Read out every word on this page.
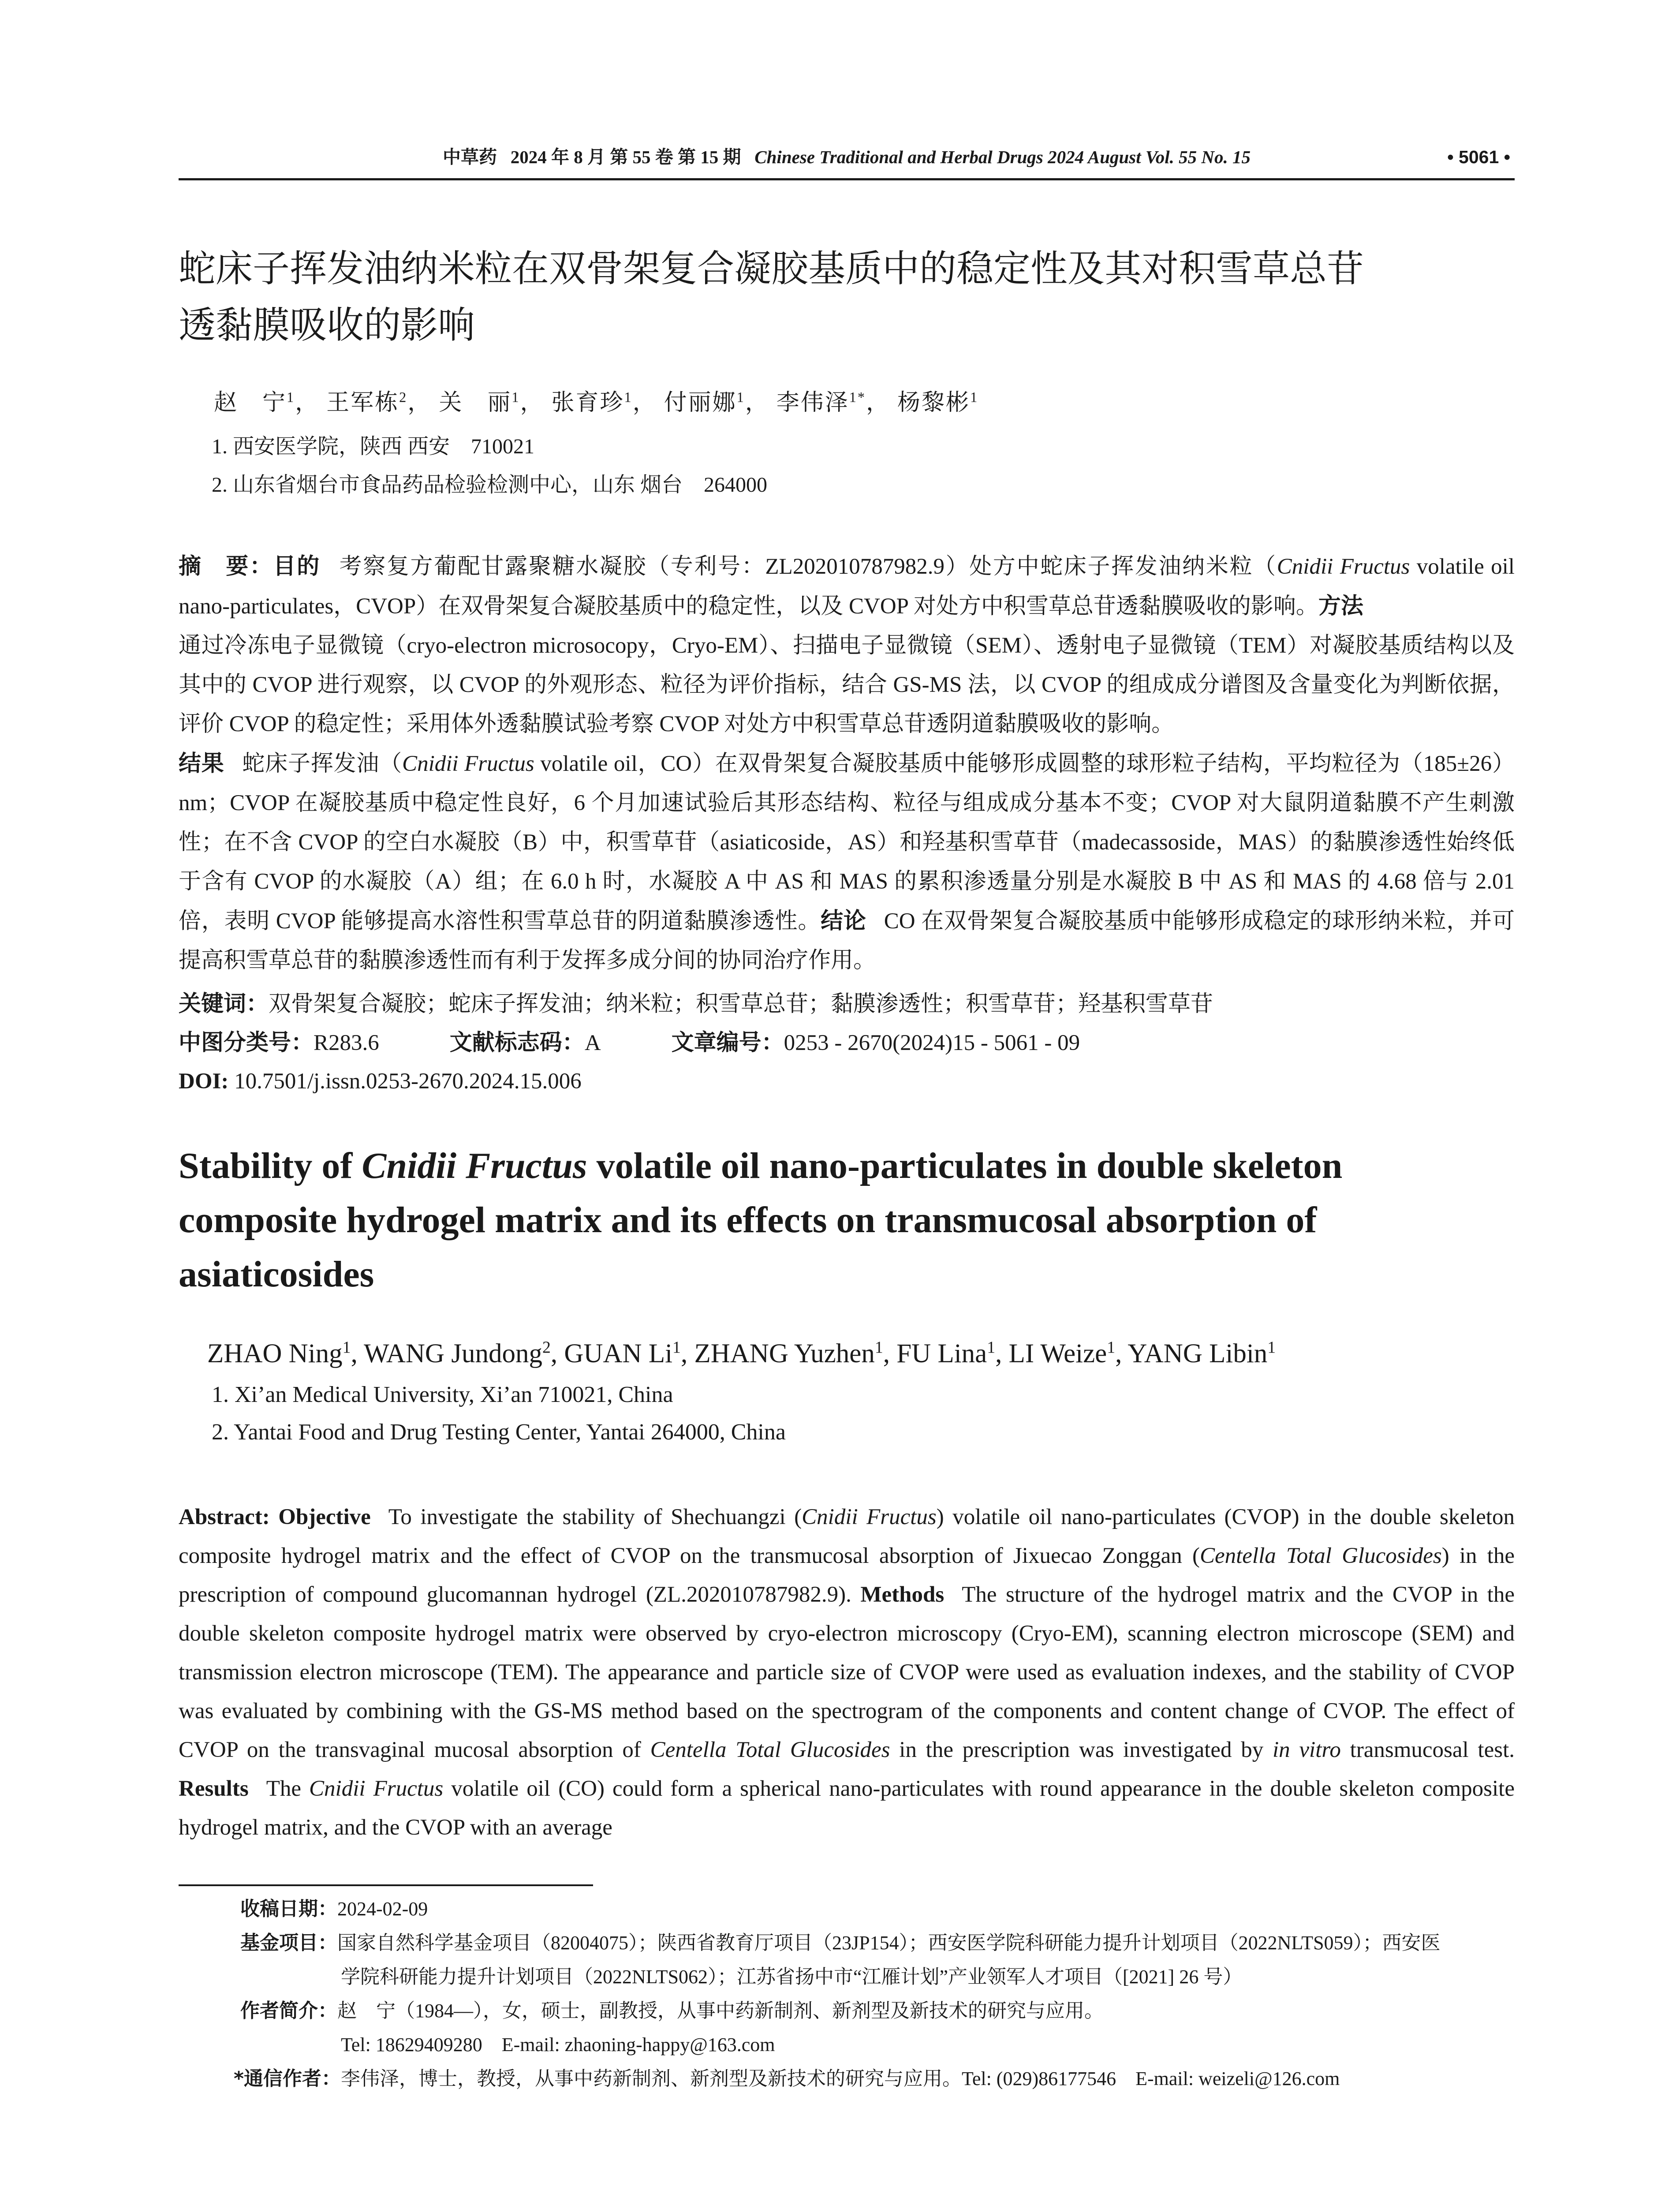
中草药 2024 年 8 月 第 55 卷 第 15 期 Chinese Traditional and Herbal Drugs 2024 August Vol. 55 No. 15	• 5061 •
蛇床子挥发油纳米粒在双骨架复合凝胶基质中的稳定性及其对积雪草总苷
透黏膜吸收的影响
赵　宁$^1$， 王军栋$^2$， 关　丽$^1$， 张育珍$^1$， 付丽娜$^1$， 李伟泽$^{1*}$， 杨黎彬$^1$
1. 西安医学院，陕西 西安　710021
2. 山东省烟台市食品药品检验检测中心，山东 烟台　264000
摘　要：目的 考察复方葡配甘露聚糖水凝胶（专利号：ZL202010787982.9）处方中蛇床子挥发油纳米粒（Cnidii Fructus volatile oil nano-particulates，CVOP）在双骨架复合凝胶基质中的稳定性，以及 CVOP 对处方中积雪草总苷透黏膜吸收的影响。方法
通过冷冻电子显微镜（cryo-electron microsocopy，Cryo-EM）、扫描电子显微镜（SEM）、透射电子显微镜（TEM）对凝胶基质结构以及其中的 CVOP 进行观察，以 CVOP 的外观形态、粒径为评价指标，结合 GS-MS 法，以 CVOP 的组成成分谱图及含量变化为判断依据，评价 CVOP 的稳定性；采用体外透黏膜试验考察 CVOP 对处方中积雪草总苷透阴道黏膜吸收的影响。
结果 蛇床子挥发油（Cnidii Fructus volatile oil，CO）在双骨架复合凝胶基质中能够形成圆整的球形粒子结构，平均粒径为（185±26）nm；CVOP 在凝胶基质中稳定性良好，6 个月加速试验后其形态结构、粒径与组成成分基本不变；CVOP 对大鼠阴道黏膜不产生刺激性；在不含 CVOP 的空白水凝胶（B）中，积雪草苷（asiaticoside，AS）和羟基积雪草苷（madecassoside，MAS）的黏膜渗透性始终低于含有 CVOP 的水凝胶（A）组；在 6.0 h 时，水凝胶 A 中 AS 和 MAS 的累积渗透量分别是水凝胶 B 中 AS 和 MAS 的 4.68 倍与 2.01 倍，表明 CVOP 能够提高水溶性积雪草总苷的阴道黏膜渗透性。结论 CO 在双骨架复合凝胶基质中能够形成稳定的球形纳米粒，并可提高积雪草总苷的黏膜渗透性而有利于发挥多成分间的协同治疗作用。
关键词：双骨架复合凝胶；蛇床子挥发油；纳米粒；积雪草总苷；黏膜渗透性；积雪草苷；羟基积雪草苷
中图分类号：R283.6	文献标志码：A	文章编号：0253 - 2670(2024)15 - 5061 - 09
DOI: 10.7501/j.issn.0253-2670.2024.15.006
Stability of Cnidii Fructus volatile oil nano-particulates in double skeleton
composite hydrogel matrix and its effects on transmucosal absorption of
asiaticosides
ZHAO Ning$^1$, WANG Jundong$^2$, GUAN Li$^1$, ZHANG Yuzhen$^1$, FU Lina$^1$, LI Weize$^1$, YANG Libin$^1$
1. Xi’an Medical University, Xi’an 710021, China
2. Yantai Food and Drug Testing Center, Yantai 264000, China
Abstract: Objective To investigate the stability of Shechuangzi (Cnidii Fructus) volatile oil nano-particulates (CVOP) in the double skeleton composite hydrogel matrix and the effect of CVOP on the transmucosal absorption of Jixuecao Zonggan (Centella Total Glucosides) in the prescription of compound glucomannan hydrogel (ZL.202010787982.9). Methods The structure of the hydrogel matrix and the CVOP in the double skeleton composite hydrogel matrix were observed by cryo-electron microscopy (Cryo-EM), scanning electron microscope (SEM) and transmission electron microscope (TEM). The appearance and particle size of CVOP were used as evaluation indexes, and the stability of CVOP was evaluated by combining with the GS-MS method based on the spectrogram of the components and content change of CVOP. The effect of CVOP on the transvaginal mucosal absorption of Centella Total Glucosides in the prescription was investigated by in vitro transmucosal test. Results The Cnidii Fructus volatile oil (CO) could form a spherical nano-particulates with round appearance in the double skeleton composite hydrogel matrix, and the CVOP with an average
收稿日期：2024-02-09
基金项目：国家自然科学基金项目（82004075）；陕西省教育厅项目（23JP154）；西安医学院科研能力提升计划项目（2022NLTS059）；西安医
学院科研能力提升计划项目（2022NLTS062）；江苏省扬中市“江雁计划”产业领军人才项目（[2021] 26 号）
作者简介：赵　宁（1984—），女，硕士，副教授，从事中药新制剂、新剂型及新技术的研究与应用。
Tel: 18629409280　E-mail: zhaoning-happy@163.com
*通信作者：李伟泽，博士，教授，从事中药新制剂、新剂型及新技术的研究与应用。Tel: (029)86177546　E-mail: weizeli@126.com
